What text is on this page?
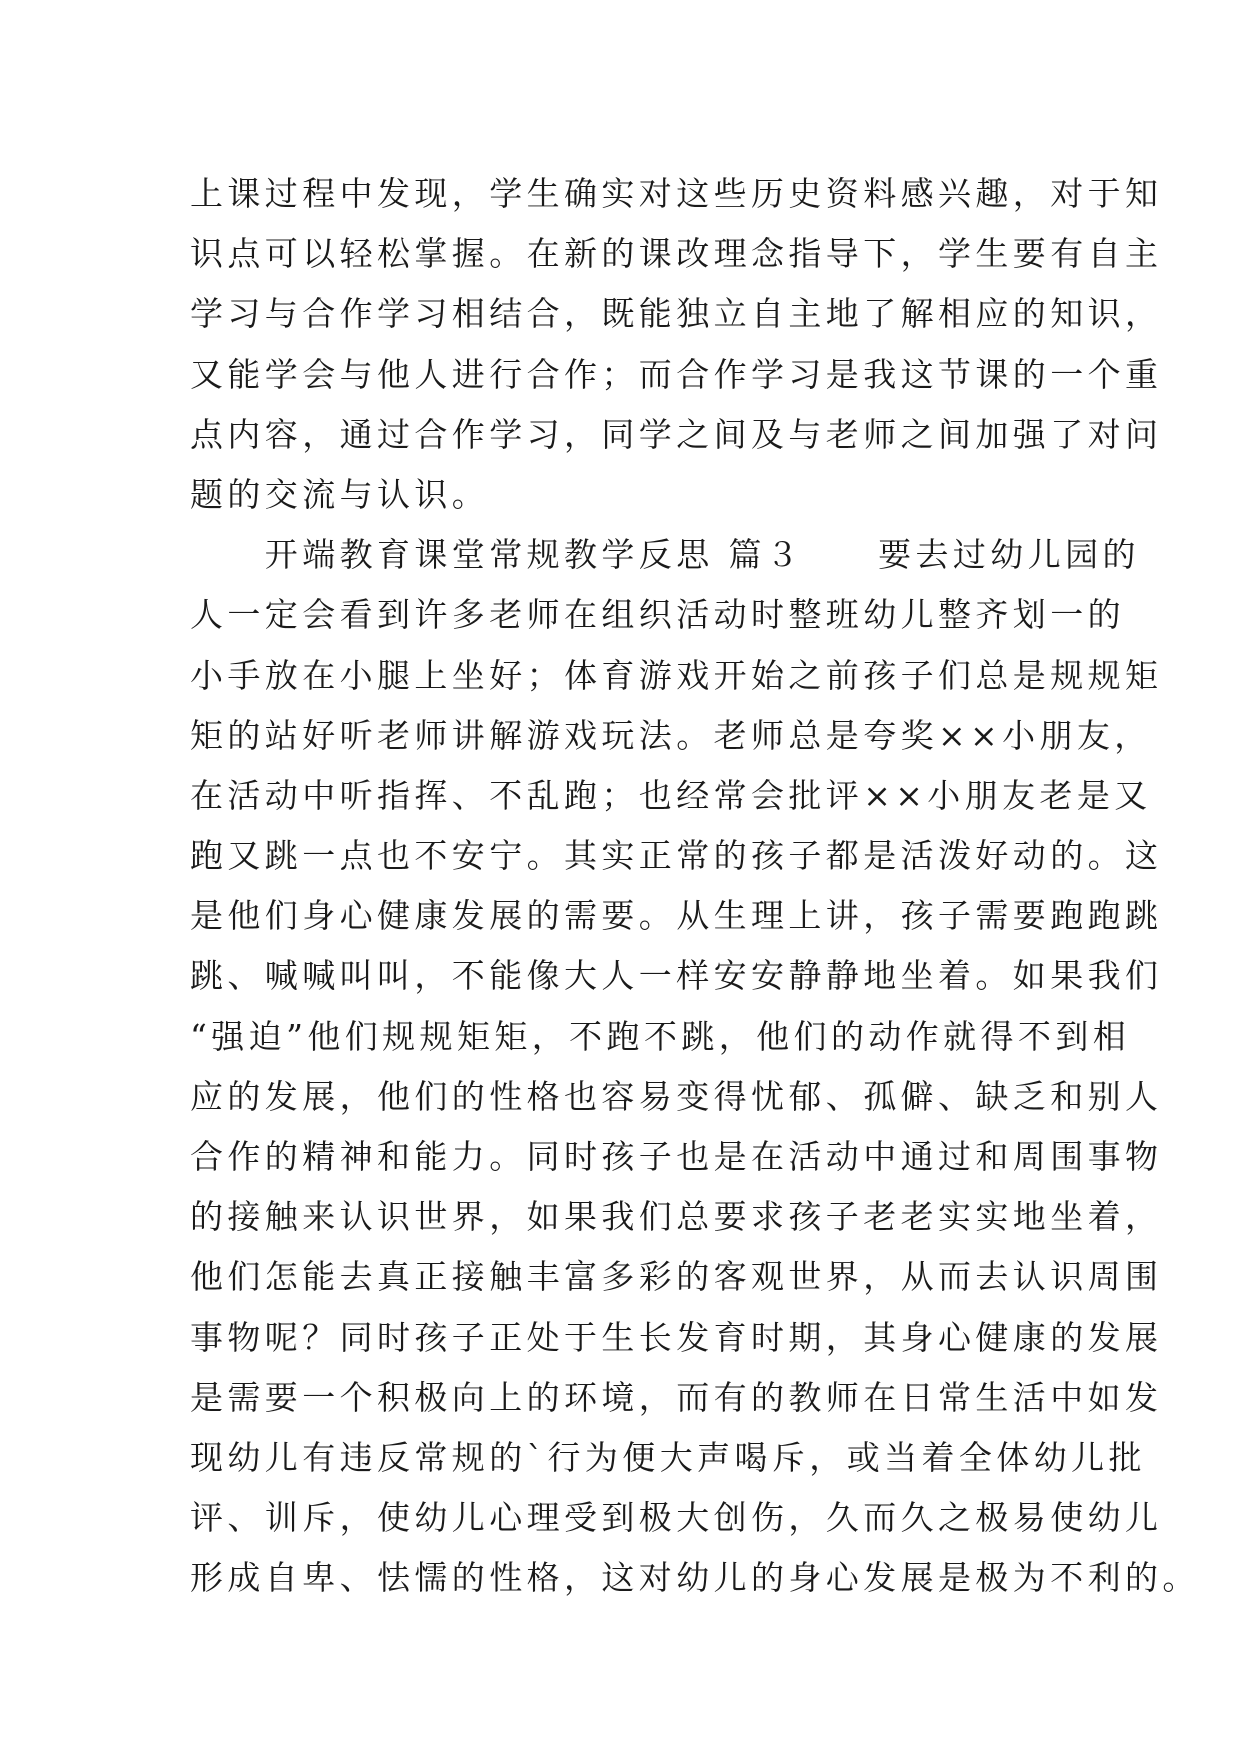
上课过程中发现，学生确实对这些历史资料感兴趣，对于知
识点可以轻松掌握。在新的课改理念指导下，学生要有自主
学习与合作学习相结合，既能独立自主地了解相应的知识，
又能学会与他人进行合作；而合作学习是我这节课的一个重
点内容，通过合作学习，同学之间及与老师之间加强了对问
题的交流与认识。
　　开端教育课堂常规教学反思 篇３　　要去过幼儿园的
人一定会看到许多老师在组织活动时整班幼儿整齐划一的
小手放在小腿上坐好；体育游戏开始之前孩子们总是规规矩
矩的站好听老师讲解游戏玩法。老师总是夸奖××小朋友，
在活动中听指挥、不乱跑；也经常会批评××小朋友老是又
跑又跳一点也不安宁。其实正常的孩子都是活泼好动的。这
是他们身心健康发展的需要。从生理上讲，孩子需要跑跑跳
跳、喊喊叫叫，不能像大人一样安安静静地坐着。如果我们
“强迫”他们规规矩矩，不跑不跳，他们的动作就得不到相
应的发展，他们的性格也容易变得忧郁、孤僻、缺乏和别人
合作的精神和能力。同时孩子也是在活动中通过和周围事物
的接触来认识世界，如果我们总要求孩子老老实实地坐着，
他们怎能去真正接触丰富多彩的客观世界，从而去认识周围
事物呢？同时孩子正处于生长发育时期，其身心健康的发展
是需要一个积极向上的环境，而有的教师在日常生活中如发
现幼儿有违反常规的`行为便大声喝斥，或当着全体幼儿批
评、训斥，使幼儿心理受到极大创伤，久而久之极易使幼儿
形成自卑、怯懦的性格，这对幼儿的身心发展是极为不利的。
